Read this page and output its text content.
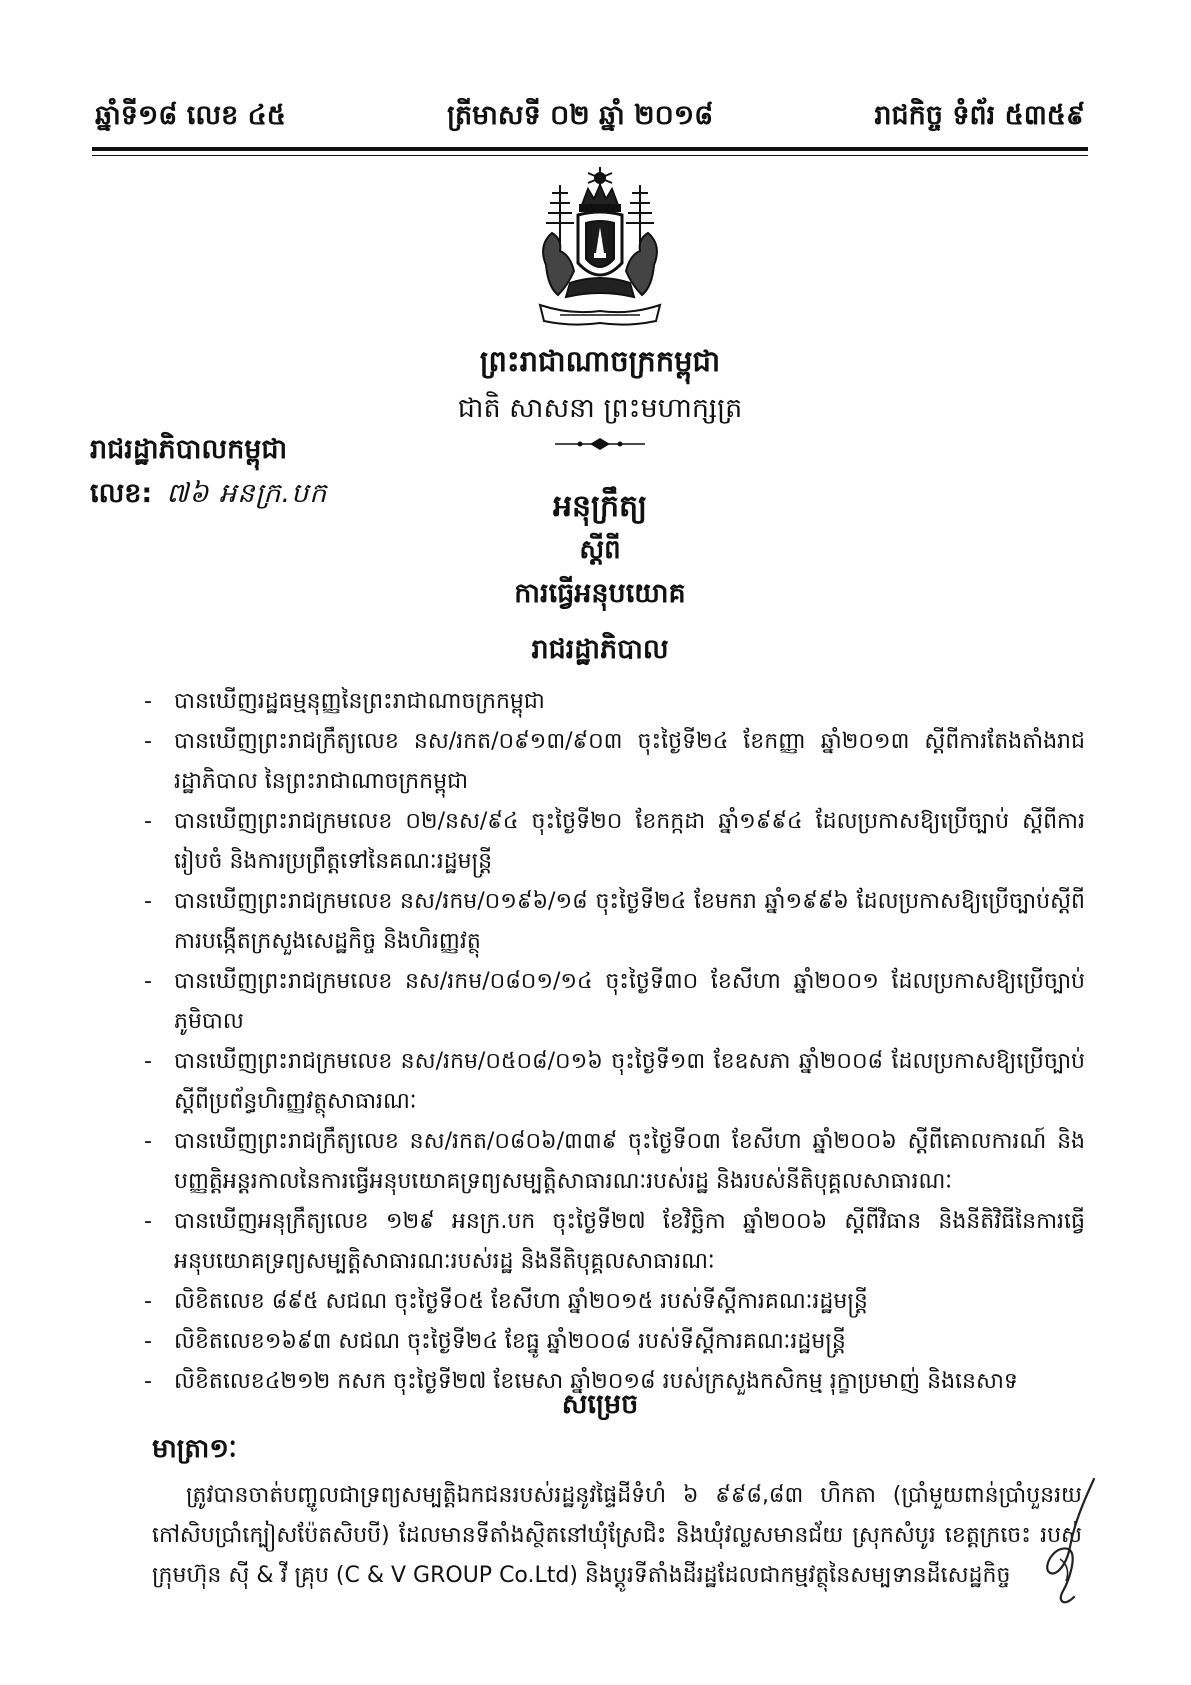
ឆ្នាំទី១៨ លេខ ៤៥	ត្រីមាសទី ០២ ឆ្នាំ ២០១៨	រាជកិច្ច ទំព័រ ៥៣៥៩
ព្រះរាជាណាចក្រកម្ពុជា
ជាតិ សាសនា ព្រះមហាក្សត្រ
រាជរដ្ឋាភិបាលកម្ពុជា
លេខ: ៧៦ អនក្រ.បក	អនុក្រឹត្យ
ស្តីពី
ការធ្វើអនុបយោគ
រាជរដ្ឋាភិបាល
- បានឃើញរដ្ឋធម្មនុញ្ញនៃព្រះរាជាណាចក្រកម្ពុជា
- បានឃើញព្រះរាជក្រឹត្យលេខ នស/រកត/០៩១៣/៩០៣ ចុះថ្ងៃទី២៤ ខែកញ្ញា ឆ្នាំ២០១៣ ស្តីពីការតែងតាំងរាជរដ្ឋាភិបាល នៃព្រះរាជាណាចក្រកម្ពុជា
- បានឃើញព្រះរាជក្រមលេខ ០២/នស/៩៤ ចុះថ្ងៃទី២០ ខែកក្កដា ឆ្នាំ១៩៩៤ ដែលប្រកាសឱ្យប្រើច្បាប់ ស្តីពីការរៀបចំ និងការប្រព្រឹត្តទៅនៃគណៈរដ្ឋមន្ត្រី
- បានឃើញព្រះរាជក្រមលេខ នស/រកម/០១៩៦/១៨ ចុះថ្ងៃទី២៤ ខែមករា ឆ្នាំ១៩៩៦ ដែលប្រកាសឱ្យប្រើច្បាប់ស្តីពីការបង្កើតក្រសួងសេដ្ឋកិច្ច និងហិរញ្ញវត្ថុ
- បានឃើញព្រះរាជក្រមលេខ នស/រកម/០៨០១/១៤ ចុះថ្ងៃទី៣០ ខែសីហា ឆ្នាំ២០០១ ដែលប្រកាសឱ្យប្រើច្បាប់ភូមិបាល
- បានឃើញព្រះរាជក្រមលេខ នស/រកម/០៥០៨/០១៦ ចុះថ្ងៃទី១៣ ខែឧសភា ឆ្នាំ២០០៨ ដែលប្រកាសឱ្យប្រើច្បាប់ស្តីពីប្រព័ន្ធហិរញ្ញវត្ថុសាធារណៈ
- បានឃើញព្រះរាជក្រឹត្យលេខ នស/រកត/០៨០៦/៣៣៩ ចុះថ្ងៃទី០៣ ខែសីហា ឆ្នាំ២០០៦ ស្តីពីគោលការណ៍ និងបញ្ញត្តិអន្តរកាលនៃការធ្វើអនុបយោគទ្រព្យសម្បត្តិសាធារណៈរបស់រដ្ឋ និងរបស់នីតិបុគ្គលសាធារណៈ
- បានឃើញអនុក្រឹត្យលេខ ១២៩ អនក្រ.បក ចុះថ្ងៃទី២៧ ខែវិច្ឆិកា ឆ្នាំ២០០៦ ស្តីពីវិធាន និងនីតិវិធីនៃការធ្វើអនុបយោគទ្រព្យសម្បត្តិសាធារណៈរបស់រដ្ឋ និងនីតិបុគ្គលសាធារណៈ
- លិខិតលេខ ៨៩៥ សជណ ចុះថ្ងៃទី០៥ ខែសីហា ឆ្នាំ២០១៥ របស់ទីស្តីការគណៈរដ្ឋមន្ត្រី
- លិខិតលេខ១៦៩៣ សជណ ចុះថ្ងៃទី២៤ ខែធ្នូ ឆ្នាំ២០០៨ របស់ទីស្តីការគណៈរដ្ឋមន្ត្រី
- លិខិតលេខ៤២១២ កសក ចុះថ្ងៃទី២៧ ខែមេសា ឆ្នាំ២០១៨ របស់ក្រសួងកសិកម្ម រុក្ខាប្រមាញ់ និងនេសាទ
សម្រេច
មាត្រា១ៈ
ត្រូវបានចាត់បញ្ចូលជាទ្រព្យសម្បត្តិឯកជនរបស់រដ្ឋនូវផ្ទៃដីទំហំ ៦ ៩៩៨,៨៣ ហិកតា (ប្រាំមួយពាន់ប្រាំបួនរយកៅសិបប្រាំក្បៀសប៉ែតសិបបី) ដែលមានទីតាំងស្ថិតនៅឃុំស្រែជិះ និងឃុំវល្លសមានជ័យ ស្រុកសំបូរ ខេត្តក្រចេះ របស់ក្រុមហ៊ុន ស៊ី & វី គ្រុប (C & V GROUP Co.Ltd) និងប្តូរទីតាំងដីរដ្ឋដែលជាកម្មវត្ថុនៃសម្បទានដីសេដ្ឋកិច្ច
